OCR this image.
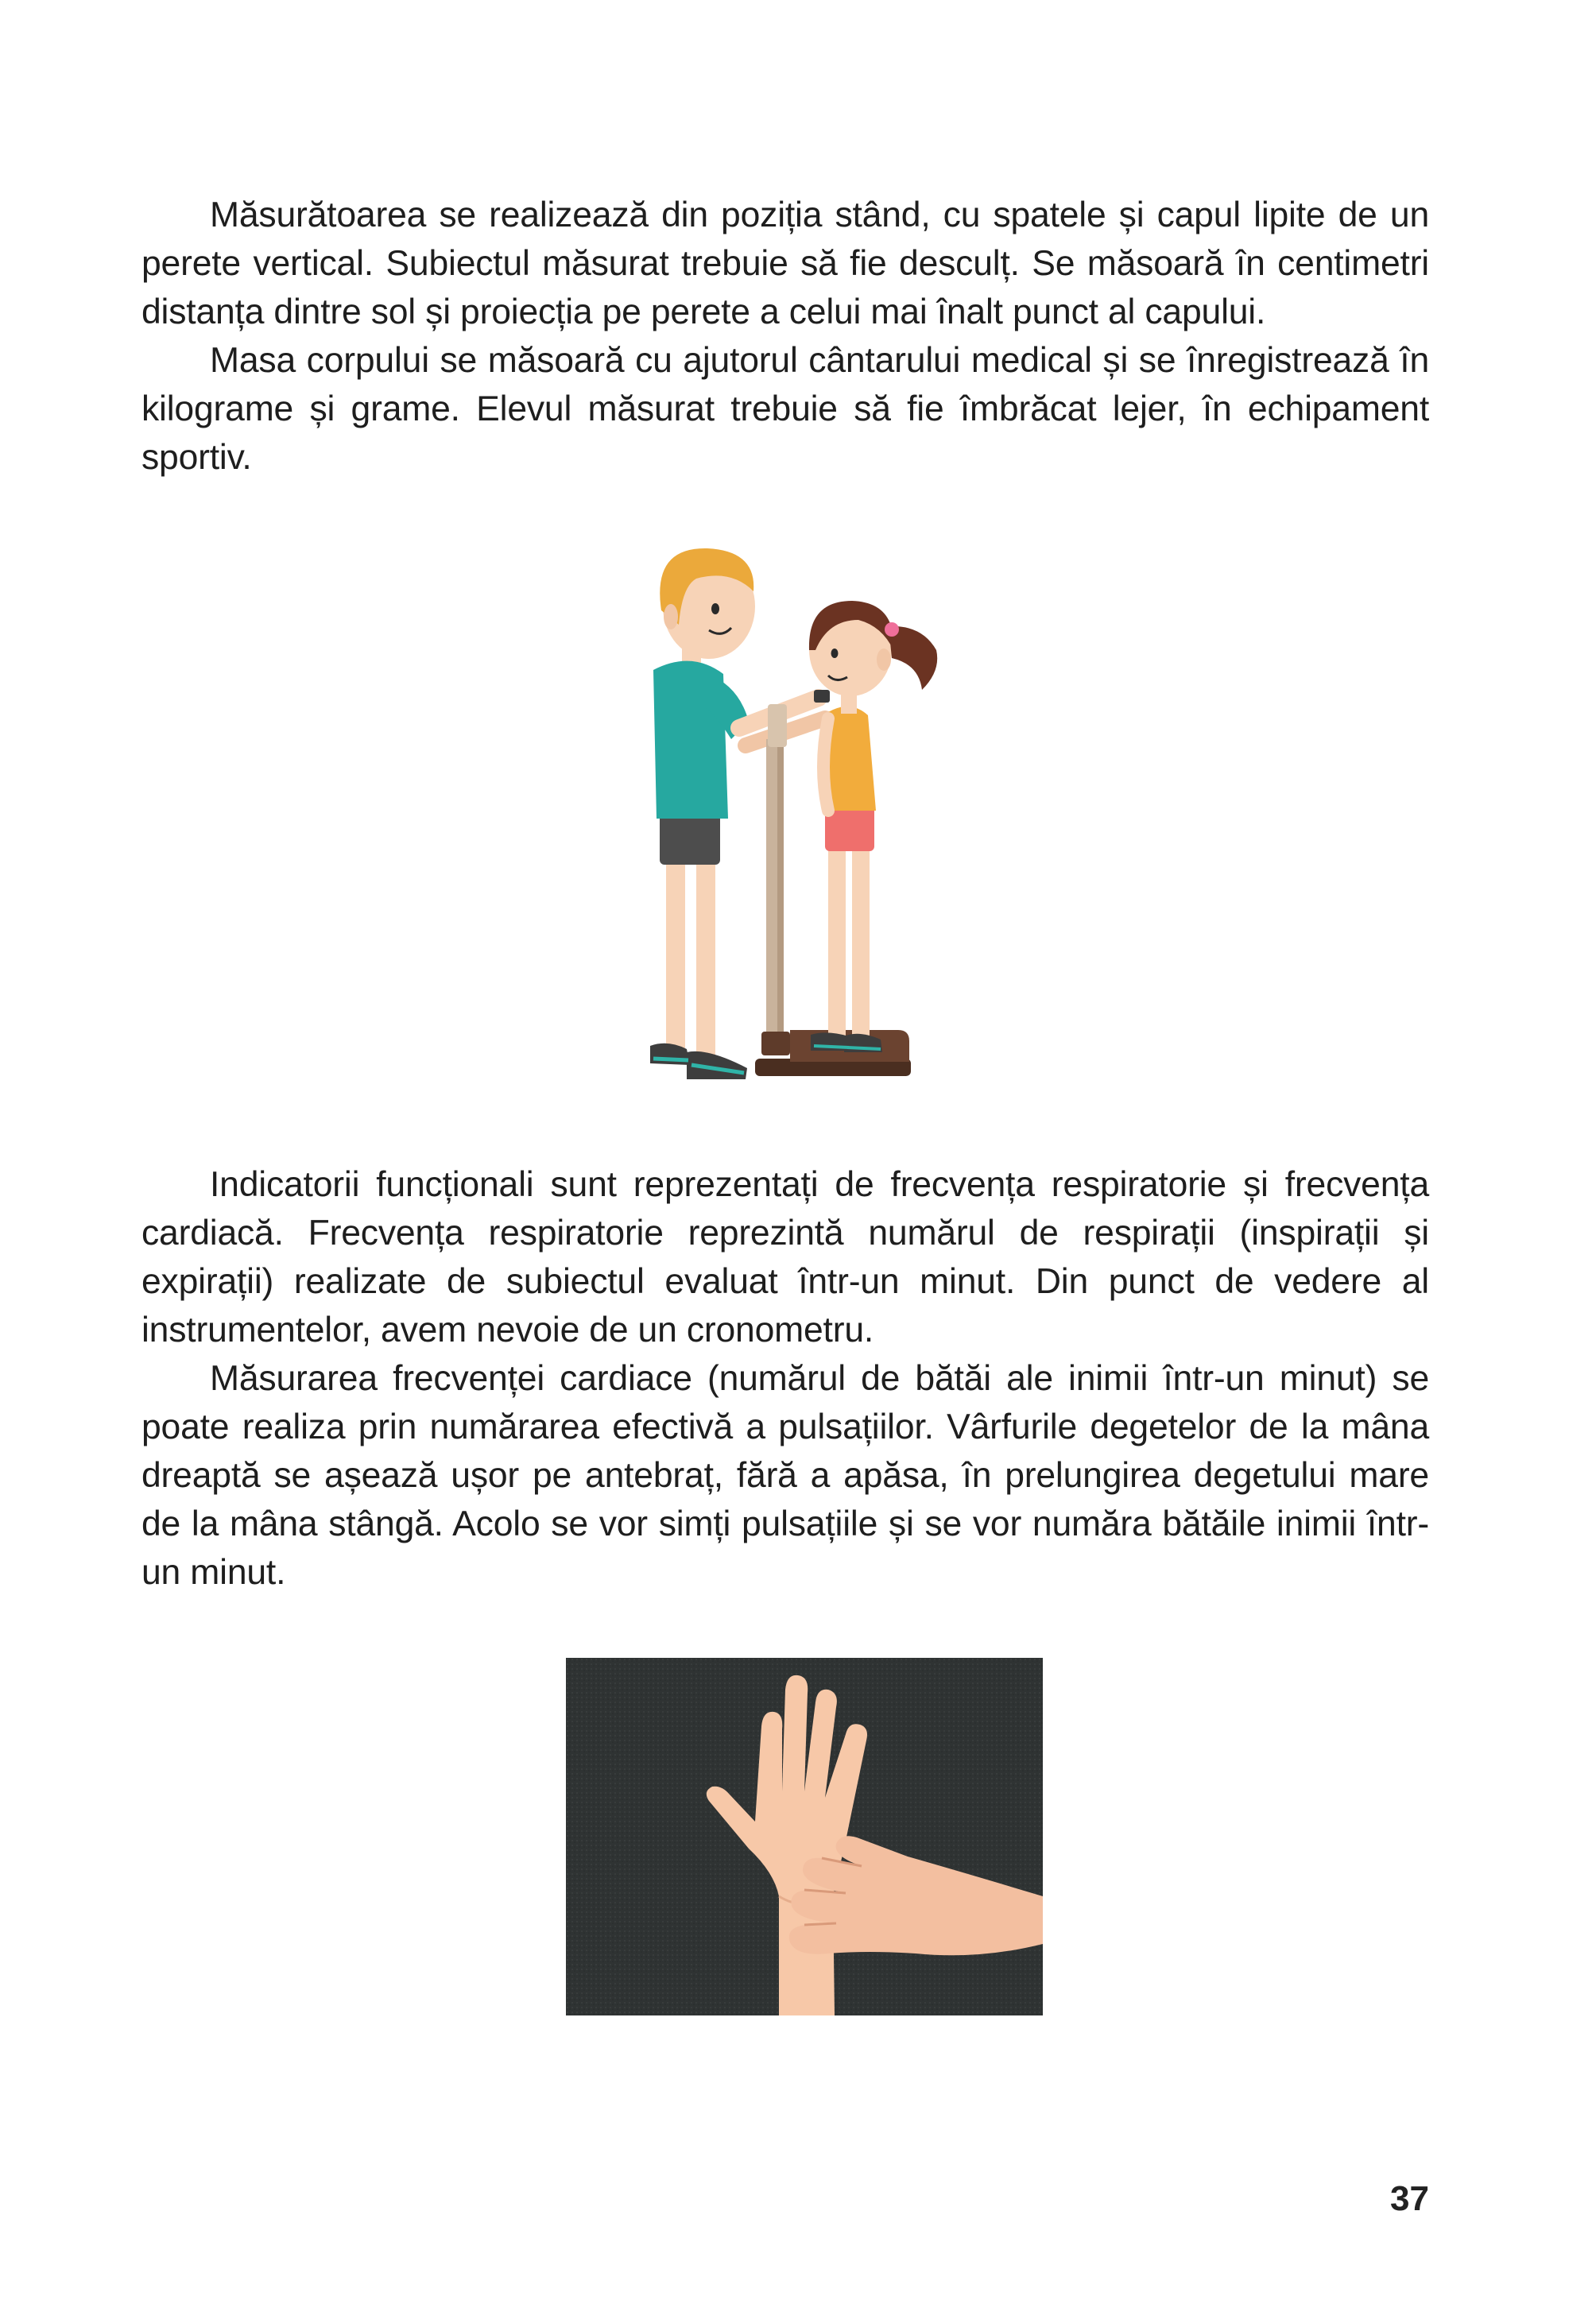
Măsurătoarea se realizează din poziția stând, cu spatele și capul lipite de un perete vertical. Subiectul măsurat trebuie să fie desculț. Se măsoară în centimetri distanța dintre sol și proiecția pe perete a celui mai înalt punct al capului.

Masa corpului se măsoară cu ajutorul cântarului medical și se înregistrează în kilograme și grame. Elevul măsurat trebuie să fie îmbrăcat lejer, în echipament sportiv.

Indicatorii funcționali sunt reprezentați de frecvența respiratorie și frecvența cardiacă. Frecvența respiratorie reprezintă numărul de respirații (inspirații și expirații) realizate de subiectul evaluat într-un minut. Din punct de vedere al instrumentelor, avem nevoie de un cronometru.

Măsurarea frecvenței cardiace (numărul de bătăi ale inimii într-un minut) se poate realiza prin numărarea efectivă a pulsațiilor. Vârfurile degetelor de la mâna dreaptă se așează ușor pe antebraț, fără a apăsa, în prelungirea degetului mare de la mâna stângă. Acolo se vor simți pulsațiile și se vor număra bătăile inimii într-un minut.

37
